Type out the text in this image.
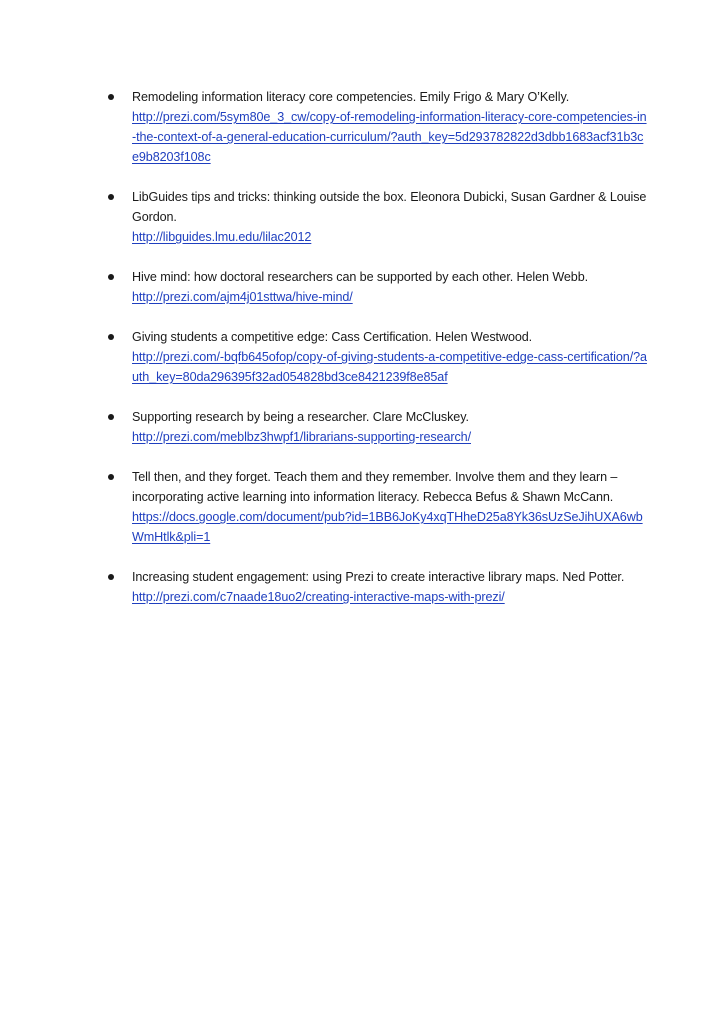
Remodeling information literacy core competencies. Emily Frigo & Mary O’Kelly.
http://prezi.com/5sym80e_3_cw/copy-of-remodeling-information-literacy-core-competencies-in-the-context-of-a-general-education-curriculum/?auth_key=5d293782822d3dbb1683acf31b3ce9b8203f108c
LibGuides tips and tricks: thinking outside the box. Eleonora Dubicki, Susan Gardner & Louise Gordon.
http://libguides.lmu.edu/lilac2012
Hive mind: how doctoral researchers can be supported by each other. Helen Webb.
http://prezi.com/ajm4j01sttwa/hive-mind/
Giving students a competitive edge: Cass Certification. Helen Westwood.
http://prezi.com/-bqfb645ofop/copy-of-giving-students-a-competitive-edge-cass-certification/?auth_key=80da296395f32ad054828bd3ce8421239f8e85af
Supporting research by being a researcher. Clare McCluskey.
http://prezi.com/meblbz3hwpf1/librarians-supporting-research/
Tell then, and they forget. Teach them and they remember. Involve them and they learn – incorporating active learning into information literacy. Rebecca Befus & Shawn McCann.
https://docs.google.com/document/pub?id=1BB6JoKy4xqTHheD25a8Yk36sUzSeJihUXA6wbWmHtlk&pli=1
Increasing student engagement: using Prezi to create interactive library maps. Ned Potter.
http://prezi.com/c7naade18uo2/creating-interactive-maps-with-prezi/
